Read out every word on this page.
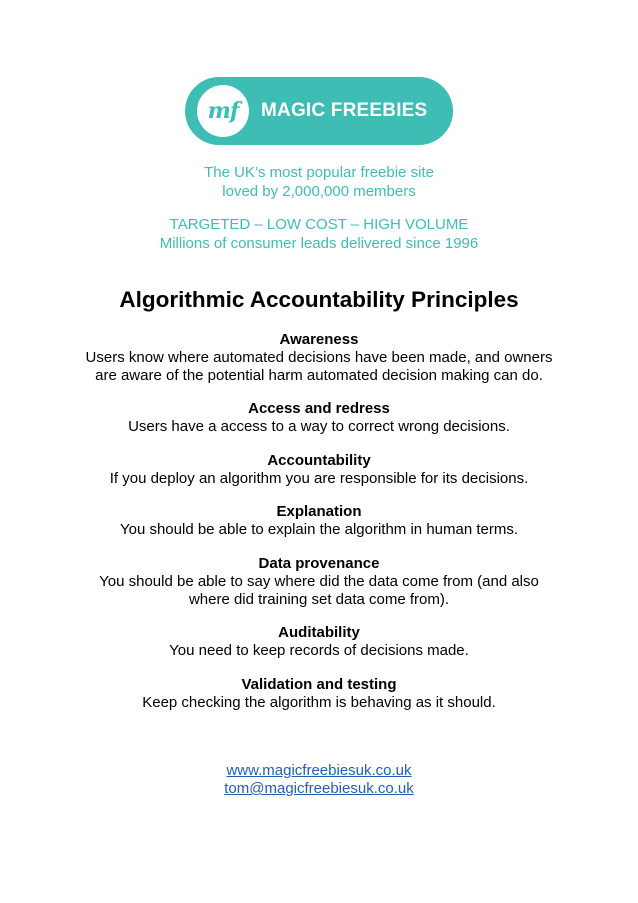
mf MAGIC FREEBIES
The UK’s most popular freebie site
loved by 2,000,000 members
TARGETED – LOW COST – HIGH VOLUME
Millions of consumer leads delivered since 1996
Algorithmic Accountability Principles
Awareness
Users know where automated decisions have been made, and owners
are aware of the potential harm automated decision making can do.
Access and redress
Users have a access to a way to correct wrong decisions.
Accountability
If you deploy an algorithm you are responsible for its decisions.
Explanation
You should be able to explain the algorithm in human terms.
Data provenance
You should be able to say where did the data come from (and also
where did training set data come from).
Auditability
You need to keep records of decisions made.
Validation and testing
Keep checking the algorithm is behaving as it should.
www.magicfreebiesuk.co.uk
tom@magicfreebiesuk.co.uk
